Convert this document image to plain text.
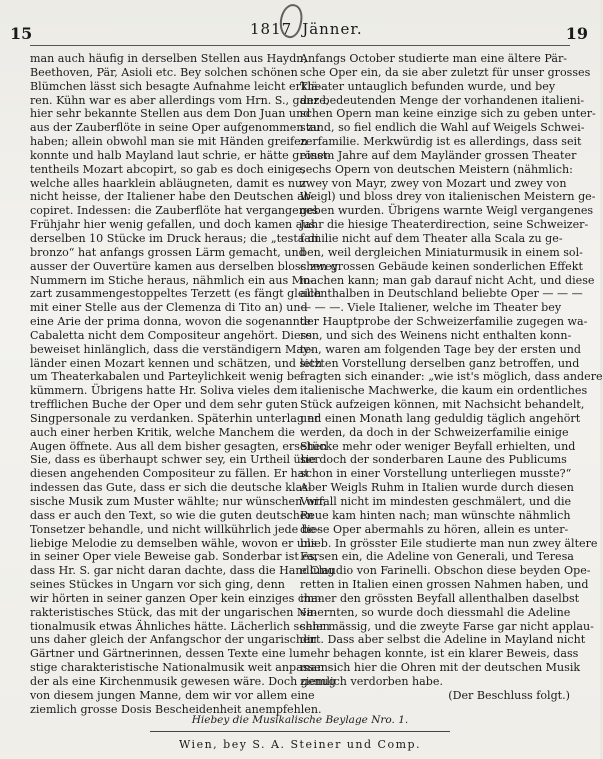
15	1817 Jänner.	19
man auch häufig in derselben Stellen aus Haydn,
Beethoven, Pär, Asioli etc. Bey solchen schönen
Blümchen lässt sich besagte Aufnahme leicht erklä-
ren. Kühn war es aber allerdings vom Hrn. S., ganze,
hier sehr bekannte Stellen aus dem Don Juan und
aus der Zauberflöte in seine Oper aufgenommen zu
haben; allein obwohl man sie mit Händen greifen
konnte und halb Mayland laut schrie, er hätte grösst-
tentheils Mozart abcopirt, so gab es doch einige,
welche alles haarklein abläugneten, damit es nur
nicht heisse, der Italiener habe den Deutschen ab-
copiret. Indessen: die Zauberflöte hat vergangenes
Frühjahr hier wenig gefallen, und doch kamen aus
derselben 10 Stücke im Druck heraus; die „testa di
bronzo“ hat anfangs grossen Lärm gemacht, und
ausser der Ouvertüre kamen aus derselben bloss zwey
Nummern im Stiche heraus, nähmlich ein aus Mo-
zart zusammengestoppeltes Terzett (es fängt gleich
mit einer Stelle aus der Clemenza di Tito an) und
eine Arie der prima donna, wovon die sogenannte
Cabaletta nicht dem Compositeur angehört. Diess
beweiset hinlänglich, dass die verständigern May-
länder einen Mozart kennen und schätzen, und sich
um Theaterkabalen und Parteylichkeit wenig be-
kümmern. Übrigens hatte Hr. Soliva vieles dem
trefflichen Buche der Oper und dem sehr guten
Singpersonale zu verdanken. Späterhin unterlag er
auch einer herben Kritik, welche Manchem die
Augen öffnete. Aus all dem bisher gesagten, ersehen
Sie, dass es überhaupt schwer sey, ein Urtheil über
diesen angehenden Compositeur zu fällen. Er hat
indessen das Gute, dass er sich die deutsche klas-
sische Musik zum Muster wählte; nur wünschen wir,
dass er auch den Text, so wie die guten deutschen
Tonsetzer behandle, und nicht willkührlich jede be-
liebige Melodie zu demselben wähle, wovon er uns
in seiner Oper viele Beweise gab. Sonderbar ist es,
dass Hr. S. gar nicht daran dachte, dass die Handlung
seines Stückes in Ungarn vor sich ging, denn
wir hörten in seiner ganzen Oper kein einziges cha-
rakteristisches Stück, das mit der ungarischen Na-
tionalmusik etwas Ähnliches hätte. Lächerlich schien
uns daher gleich der Anfangschor der ungarischen
Gärtner und Gärtnerinnen, dessen Texte eine lu-
stige charakteristische Nationalmusik weit anpassen-
der als eine Kirchenmusik gewesen wäre. Doch genug
von diesem jungen Manne, dem wir vor allem eine
ziemlich grosse Dosis Bescheidenheit anempfehlen.
Anfangs October studierte man eine ältere Pär-
sche Oper ein, da sie aber zuletzt für unser grosses
Theater untauglich befunden wurde, und bey
der bedeutenden Menge der vorhandenen italieni-
schen Opern man keine einzige sich zu geben unter-
stand, so fiel endlich die Wahl auf Weigels Schwei-
zerfamilie. Merkwürdig ist es allerdings, dass seit
einem Jahre auf dem Mayländer grossen Theater
sechs Opern von deutschen Meistern (nähmlich:
zwey von Mayr, zwey von Mozart und zwey von
Weigl) und bloss drey von italienischen Meistern ge-
geben wurden. Übrigens warnte Weigl vergangenes
Jahr die hiesige Theaterdirection, seine Schweizer-
familie nicht auf dem Theater alla Scala zu ge-
ben, weil dergleichen Miniaturmusik in einem sol-
chen grossen Gebäude keinen sonderlichen Effekt
machen kann; man gab darauf nicht Acht, und diese
allenthalben in Deutschland beliebte Oper — — —
— — —. Viele Italiener, welche im Theater bey
der Hauptprobe der Schweizerfamilie zugegen wa-
ren, und sich des Weinens nicht enthalten konn-
ten, waren am folgenden Tage bey der ersten und
letzten Vorstellung derselben ganz betroffen, und
fragten sich einander: „wie ist's möglich, dass andere
italienische Machwerke, die kaum ein ordentliches
Stück aufzeigen können, mit Nachsicht behandelt,
und einen Monath lang geduldig täglich angehört
werden, da doch in der Schweizerfamilie einige
Stücke mehr oder weniger Beyfall erhielten, und
sie doch der sonderbaren Laune des Publicums
schon in einer Vorstellung unterliegen musste?“
Aber Weigls Ruhm in Italien wurde durch diesen
Vorfall nicht im mindesten geschmälert, und die
Reue kam hinten nach; man wünschte nähmlich
diese Oper abermahls zu hören, allein es unter-
blieb. In grösster Eile studierte man nun zwey ältere
Farsen ein, die Adeline von Generali, und Teresa
e Claudio von Farinelli. Obschon diese beyden Ope-
retten in Italien einen grossen Nahmen haben, und
immer den grössten Beyfall allenthalben daselbst
einernten, so wurde doch diessmahl die Adeline
sehr mässig, und die zweyte Farse gar nicht applau-
dirt. Dass aber selbst die Adeline in Mayland nicht
mehr behagen konnte, ist ein klarer Beweis, dass
man sich hier die Ohren mit der deutschen Musik
ziemlich verdorben habe.
(Der Beschluss folgt.)
Hiebey die Musikalische Beylage Nro. 1.
Wien, bey S. A. Steiner und Comp.
